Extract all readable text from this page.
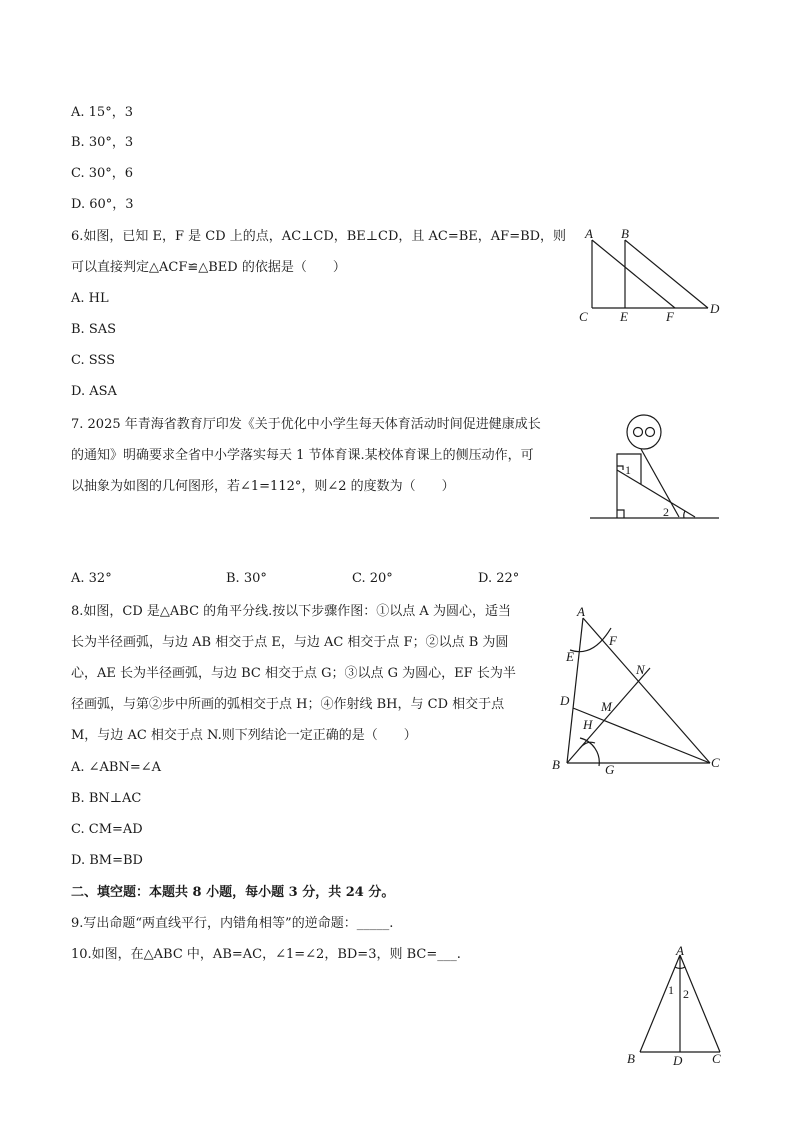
A. 15°，3
B. 30°，3
C. 30°，6
D. 60°，3
6.如图，已知 E，F 是 CD 上的点，AC⊥CD，BE⊥CD，且 AC=BE，AF=BD，则
可以直接判定△ACF≌△BED 的依据是（　　）
A. HL
B. SAS
C. SSS
D. ASA
A B
C E	F
D
7. 2025 年青海省教育厅印发《关于优化中小学生每天体育活动时间促进健康成长
的通知》明确要求全省中小学落实每天 1 节体育课.某校体育课上的侧压动作，可
以抽象为如图的几何图形，若∠1=112°，则∠2 的度数为（　　）
A. 32°	B. 30°	C. 20°	D. 22°
1
2
8.如图，CD 是△ABC 的角平分线.按以下步骤作图：①以点 A 为圆心，适当
长为半径画弧，与边 AB 相交于点 E，与边 AC 相交于点 F；②以点 B 为圆
心，AE 长为半径画弧，与边 BC 相交于点 G；③以点 G 为圆心，EF 长为半
径画弧，与第②步中所画的弧相交于点 H；④作射线 BH，与 CD 相交于点
M，与边 AC 相交于点 N.则下列结论一定正确的是（　　）
A. ∠ABN=∠A
B. BN⊥AC
C. CM=AD
D. BM=BD
A
F
E
N
D M
H
B	G	C
二、填空题：本题共 8 小题，每小题 3 分，共 24 分。
9.写出命题“两直线平行，内错角相等”的逆命题：_____.
10.如图，在△ABC 中，AB=AC，∠1=∠2，BD=3，则 BC=___.	A
1 2
B	D C
